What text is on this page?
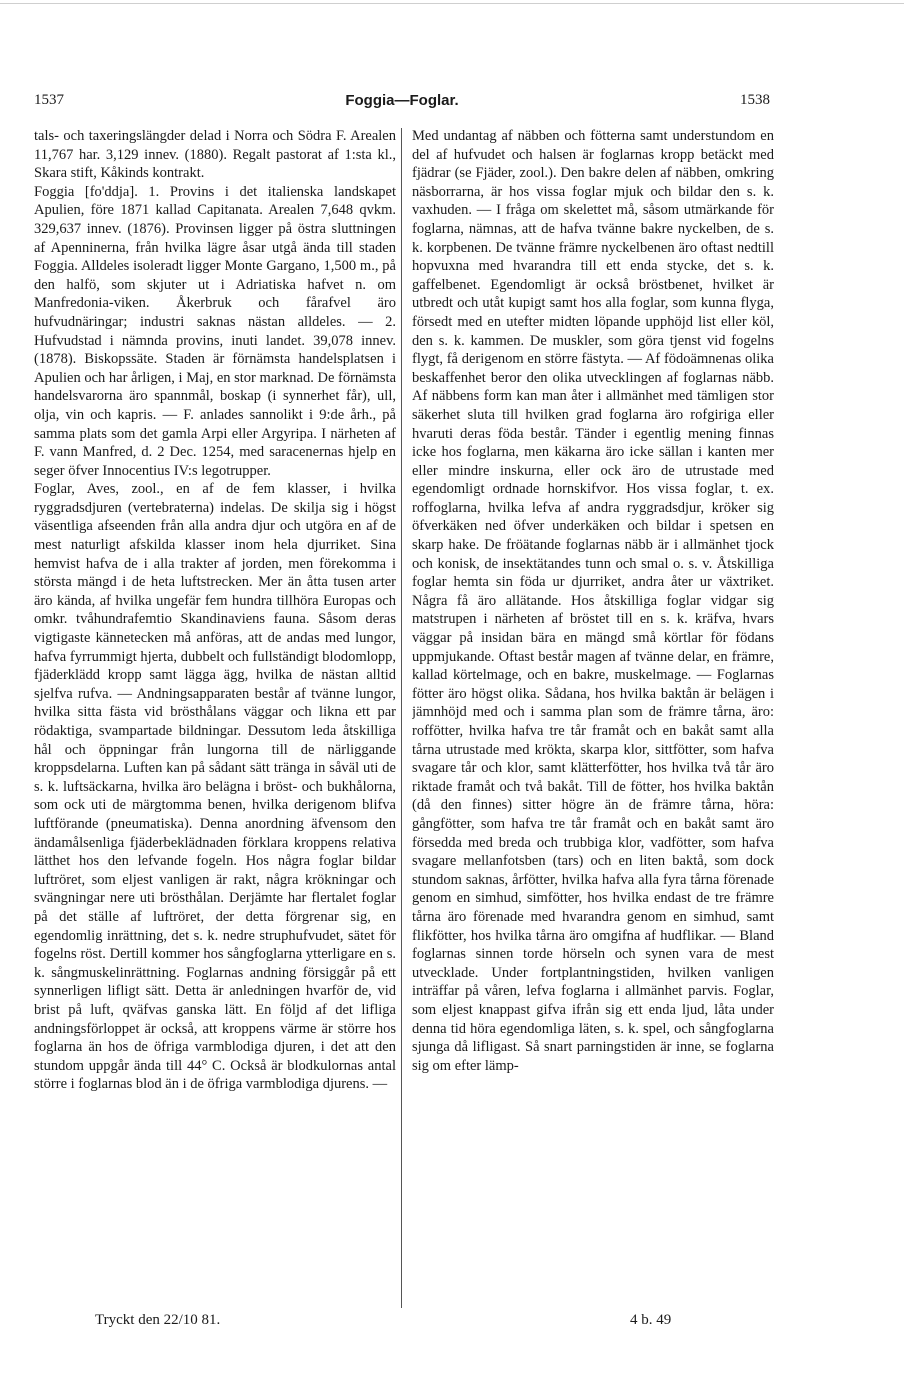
1537	Foggia—Foglar.	1538

tals- och taxeringslängder delad i Norra och Södra F. Arealen 11,767 har. 3,129 innev. (1880). Regalt pastorat af 1:sta kl., Skara stift, Kåkinds kontrakt.

Foggia [fo'ddja]. 1. Provins i det italienska landskapet Apulien, före 1871 kallad Capitanata. Arealen 7,648 qvkm. 329,637 innev. (1876). Provinsen ligger på östra sluttningen af Apenninerna, från hvilka lägre åsar utgå ända till staden Foggia. Alldeles isoleradt ligger Monte Gargano, 1,500 m., på den halfö, som skjuter ut i Adriatiska hafvet n. om Manfredonia-viken. Åkerbruk och fårafvel äro hufvudnäringar; industri saknas nästan alldeles. — 2. Hufvudstad i nämnda provins, inuti landet. 39,078 innev. (1878). Biskopssäte. Staden är förnämsta handelsplatsen i Apulien och har årligen, i Maj, en stor marknad. De förnämsta handelsvarorna äro spannmål, boskap (i synnerhet får), ull, olja, vin och kapris. — F. anlades sannolikt i 9:de årh., på samma plats som det gamla Arpi eller Argyripa. I närheten af F. vann Manfred, d. 2 Dec. 1254, med saracenernas hjelp en seger öfver Innocentius IV:s legotrupper.

Foglar, Aves, zool., en af de fem klasser, i hvilka ryggradsdjuren (vertebraterna) indelas. De skilja sig i högst väsentliga afseenden från alla andra djur och utgöra en af de mest naturligt afskilda klasser inom hela djurriket. Sina hemvist hafva de i alla trakter af jorden, men förekomma i största mängd i de heta luftstrecken. Mer än åtta tusen arter äro kända, af hvilka ungefär fem hundra tillhöra Europas och omkr. tvåhundrafemtio Skandinaviens fauna. Såsom deras vigtigaste kännetecken må anföras, att de andas med lungor, hafva fyrrummigt hjerta, dubbelt och fullständigt blodomlopp, fjäderklädd kropp samt lägga ägg, hvilka de nästan alltid sjelfva rufva. — Andningsapparaten består af tvänne lungor, hvilka sitta fästa vid brösthålans väggar och likna ett par rödaktiga, svampartade bildningar. Dessutom leda åtskilliga hål och öppningar från lungorna till de närliggande kroppsdelarna. Luften kan på sådant sätt tränga in såväl uti de s. k. luftsäckarna, hvilka äro belägna i bröst- och bukhålorna, som ock uti de märgtomma benen, hvilka derigenom blifva luftförande (pneumatiska). Denna anordning äfvensom den ändamålsenliga fjäderbeklädnaden förklara kroppens relativa lätthet hos den lefvande fogeln. Hos några foglar bildar luftröret, som eljest vanligen är rakt, några krökningar och svängningar nere uti brösthålan. Derjämte har flertalet foglar på det ställe af luftröret, der detta förgrenar sig, en egendomlig inrättning, det s. k. nedre struphufvudet, sätet för fogelns röst. Dertill kommer hos sångfoglarna ytterligare en s. k. sångmuskelinrättning. Foglarnas andning försiggår på ett synnerligen lifligt sätt. Detta är anledningen hvarför de, vid brist på luft, qväfvas ganska lätt. En följd af det lifliga andningsförloppet är också, att kroppens värme är större hos foglarna än hos de öfriga varmblodiga djuren, i det att den stundom uppgår ända till 44° C. Också är blodkulornas antal större i foglarnas blod än i de öfriga varmblodiga djurens. —

Med undantag af näbben och fötterna samt understundom en del af hufvudet och halsen är foglarnas kropp betäckt med fjädrar (se Fjäder, zool.). Den bakre delen af näbben, omkring näsborrarna, är hos vissa foglar mjuk och bildar den s. k. vaxhuden. — I fråga om skelettet må, såsom utmärkande för foglarna, nämnas, att de hafva tvänne bakre nyckelben, de s. k. korpbenen. De tvänne främre nyckelbenen äro oftast nedtill hopvuxna med hvarandra till ett enda stycke, det s. k. gaffelbenet. Egendomligt är också bröstbenet, hvilket är utbredt och utåt kupigt samt hos alla foglar, som kunna flyga, försedt med en utefter midten löpande upphöjd list eller köl, den s. k. kammen. De muskler, som göra tjenst vid fogelns flygt, få derigenom en större fästyta. — Af födoämnenas olika beskaffenhet beror den olika utvecklingen af foglarnas näbb. Af näbbens form kan man åter i allmänhet med tämligen stor säkerhet sluta till hvilken grad foglarna äro rofgiriga eller hvaruti deras föda består. Tänder i egentlig mening finnas icke hos foglarna, men käkarna äro icke sällan i kanten mer eller mindre inskurna, eller ock äro de utrustade med egendomligt ordnade hornskifvor. Hos vissa foglar, t. ex. roffoglarna, hvilka lefva af andra ryggradsdjur, kröker sig öfverkäken ned öfver underkäken och bildar i spetsen en skarp hake. De fröätande foglarnas näbb är i allmänhet tjock och konisk, de insektätandes tunn och smal o. s. v. Åtskilliga foglar hemta sin föda ur djurriket, andra åter ur växtriket. Några få äro allätande. Hos åtskilliga foglar vidgar sig matstrupen i närheten af bröstet till en s. k. kräfva, hvars väggar på insidan bära en mängd små körtlar för födans uppmjukande. Oftast består magen af tvänne delar, en främre, kallad körtelmage, och en bakre, muskelmage. — Foglarnas fötter äro högst olika. Sådana, hos hvilka baktån är belägen i jämnhöjd med och i samma plan som de främre tårna, äro: roffötter, hvilka hafva tre tår framåt och en bakåt samt alla tårna utrustade med krökta, skarpa klor, sittfötter, som hafva svagare tår och klor, samt klätterfötter, hos hvilka två tår äro riktade framåt och två bakåt. Till de fötter, hos hvilka baktån (då den finnes) sitter högre än de främre tårna, höra: gångfötter, som hafva tre tår framåt och en bakåt samt äro försedda med breda och trubbiga klor, vadfötter, som hafva svagare mellanfotsben (tars) och en liten baktå, som dock stundom saknas, årfötter, hvilka hafva alla fyra tårna förenade genom en simhud, simfötter, hos hvilka endast de tre främre tårna äro förenade med hvarandra genom en simhud, samt flikfötter, hos hvilka tårna äro omgifna af hudflikar. — Bland foglarnas sinnen torde hörseln och synen vara de mest utvecklade. Under fortplantningstiden, hvilken vanligen inträffar på våren, lefva foglarna i allmänhet parvis. Foglar, som eljest knappast gifva ifrån sig ett enda ljud, låta under denna tid höra egendomliga läten, s. k. spel, och sångfoglarna sjunga då lifligast. Så snart parningstiden är inne, se foglarna sig om efter lämp-

Tryckt den 22/10 81.	4 b. 49
